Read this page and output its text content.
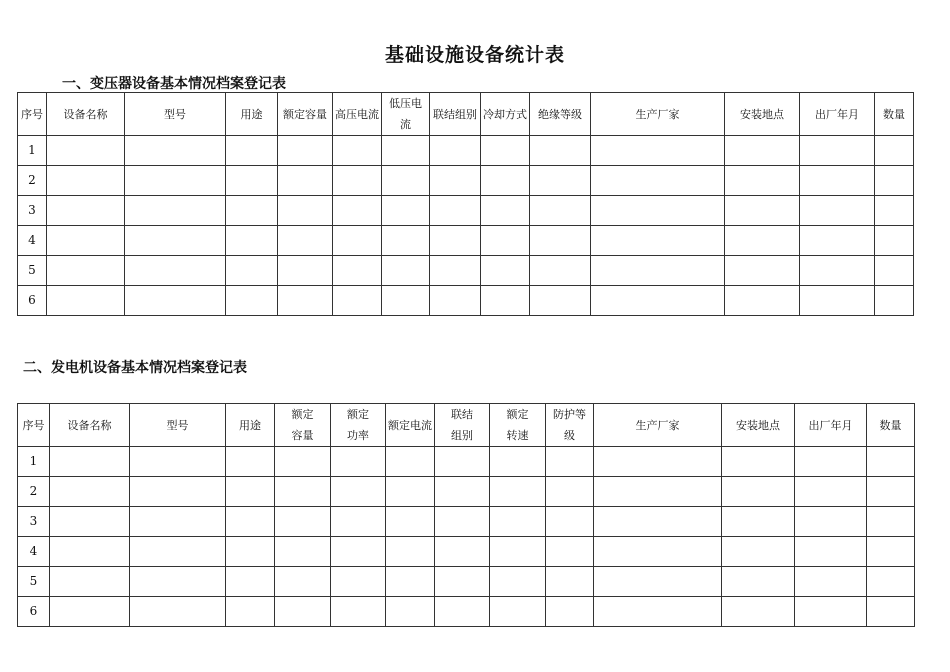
基础设施设备统计表
一、变压器设备基本情况档案登记表
序号	设备名称	型号	用途	额定容量	高压电流	低压电流	联结组别	冷却方式	绝缘等级	生产厂家	安装地点	出厂年月	数量
1													
2													
3													
4													
5													
6													
二、发电机设备基本情况档案登记表
序号	设备名称	型号	用途	额定容量	额定功率	额定电流	联结组别	额定转速	防护等级	生产厂家	安装地点	出厂年月	数量
1													
2													
3													
4													
5													
6													
